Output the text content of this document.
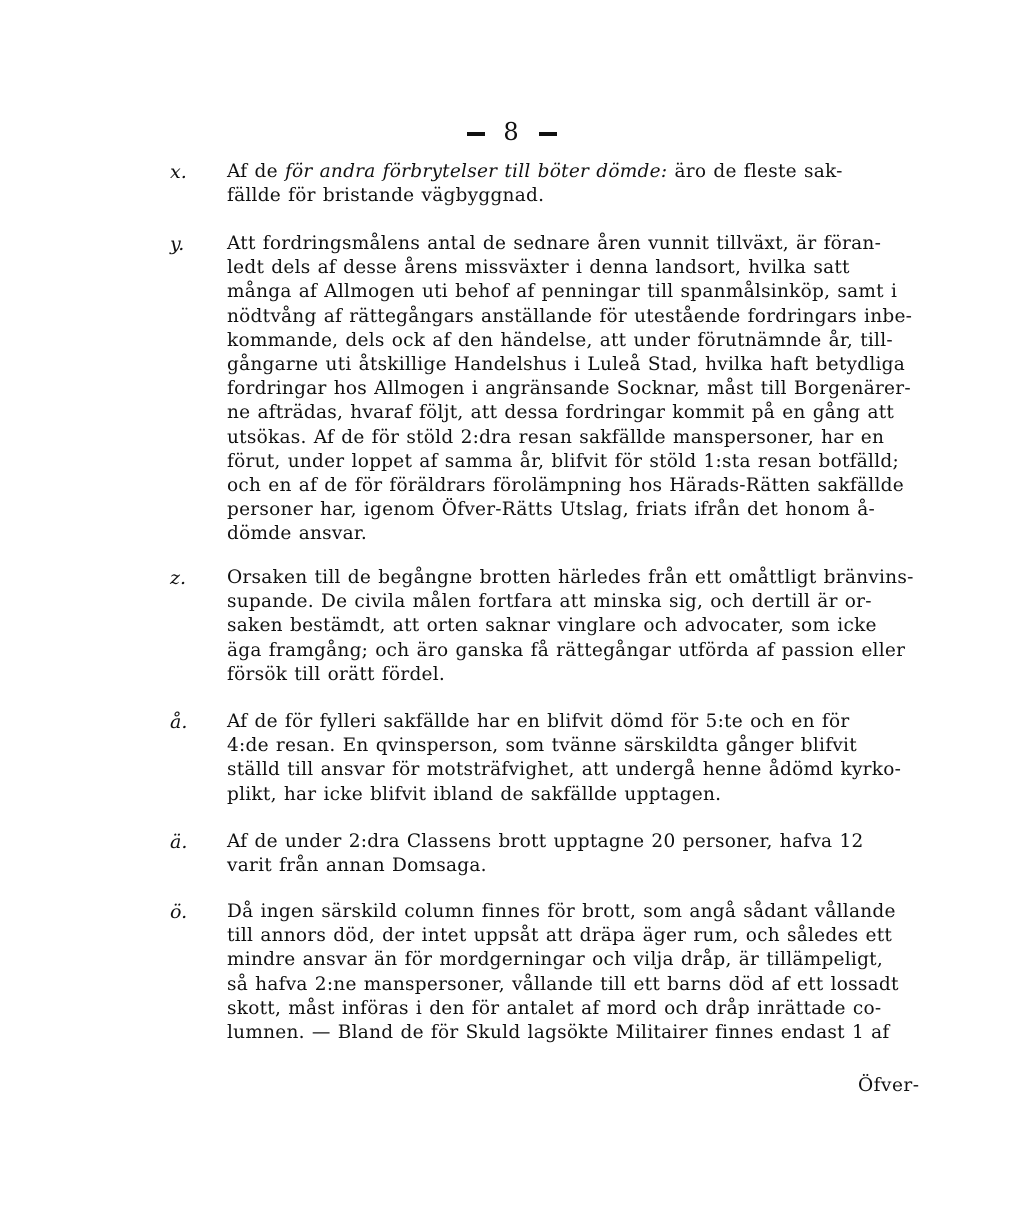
8
x. Af de för andra förbrytelser till böter dömde: äro de fleste sak-
fällde för bristande vägbyggnad.
y. Att fordringsmålens antal de sednare åren vunnit tillväxt, är föran-
ledt dels af desse årens missväxter i denna landsort, hvilka satt
många af Allmogen uti behof af penningar till spanmålsinköp, samt i
nödtvång af rättegångars anställande för utestående fordringars inbe-
kommande, dels ock af den händelse, att under förutnämnde år, till-
gångarne uti åtskillige Handelshus i Luleå Stad, hvilka haft betydliga
fordringar hos Allmogen i angränsande Socknar, måst till Borgenärer-
ne afträdas, hvaraf följt, att dessa fordringar kommit på en gång att
utsökas. Af de för stöld 2:dra resan sakfällde manspersoner, har en
förut, under loppet af samma år, blifvit för stöld 1:sta resan botfälld;
och en af de för föräldrars förolämpning hos Härads-Rätten sakfällde
personer har, igenom Öfver-Rätts Utslag, friats ifrån det honom å-
dömde ansvar.
z. Orsaken till de begångne brotten härledes från ett omåttligt bränvins-
supande. De civila målen fortfara att minska sig, och dertill är or-
saken bestämdt, att orten saknar vinglare och advocater, som icke
äga framgång; och äro ganska få rättegångar utförda af passion eller
försök till orätt fördel.
å. Af de för fylleri sakfällde har en blifvit dömd för 5:te och en för
4:de resan. En qvinsperson, som tvänne särskildta gånger blifvit
ställd till ansvar för motsträfvighet, att undergå henne ådömd kyrko-
plikt, har icke blifvit ibland de sakfällde upptagen.
ä. Af de under 2:dra Classens brott upptagne 20 personer, hafva 12
varit från annan Domsaga.
ö. Då ingen särskild column finnes för brott, som angå sådant vållande
till annors död, der intet uppsåt att dräpa äger rum, och således ett
mindre ansvar än för mordgerningar och vilja dråp, är tillämpeligt,
så hafva 2:ne manspersoner, vållande till ett barns död af ett lossadt
skott, måst införas i den för antalet af mord och dråp inrättade co-
lumnen. — Bland de för Skuld lagsökte Militairer finnes endast 1 af
Öfver-
